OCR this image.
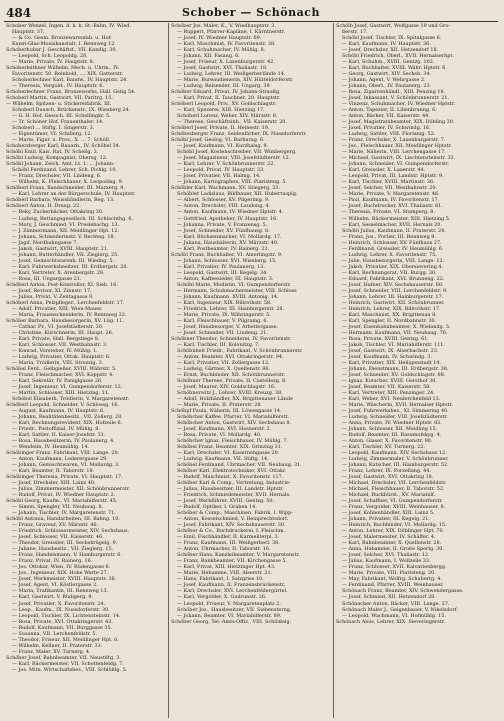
484	Schober — Schönach
Schober Wenzel, Ingen. d. k. k. St.-Bahn, IV. Wied.
Hauptstr. 37.
— & Co. Gesm. Bronzewarenfab. u. Hof-
Kunst-Glas-Mosaikanstalt, I. Rennweg 12.
Schoberhuber J. Geschäftsf., VII. Kandlg. 30.
— Leopold, Sch. Leopoldg. 28.
— Marie, Private, IV. Hauptstr. 8.
Schoberleithner Wilhelm, Mech. u. Uhrm., IV.
Favoritenstr. 50. Reinhold, ..., XIX. Gatterstr.
Schoberlechner Karl, Bandw., IV. Hauptstr. 24.
— Theresia, Vergold., IV. Hauptstr. 6.
Schoberlechner Franz, Bronzeworks, Hall. Gstig 54.
Schoberl Martin, Gastwirt, VII. Paritrg. 15.
— Wilhelm, Spitzen- u. Stickereifabrik, III.
Schoberl Dausch, Brückenstr., IX. Wiesberg 24.
— G. H. Hof, Gesuch. III. Schellingkr. 5.
— Tr. Schöner Hof. Frauenthaler. 14.
Schoberl ... Stiftg. I. Singerstr. 3.
— Eigentümer, VI. Schillerg. 12.
— Marie, Figur. u. Pros., X. ... 7. Schöll.
Schobersberger Karl, Bauarb., IV. Schöbel 34.
Schöbl Emil, Kais. Rat, IV. Schellg. 3.
Schöbl Ludwig, Kompagnist, Obersg. 12.
Schöbl Johann, Zeich. Amt. Lt. 1. ... Johann-
Schöbl Ferdinand, Lehrer, Sch. Pichlg. 10.
— Franz, Drechsler, VII. Lindeng. 6.
— Wilhelm, K. Fleischhauer, X. Leopoldsg. 9.
Schöberl Franz, Bandschneider, III. Marxerg. 9.
— Karl, Lehrer an der Bürgerschule, IV. Hauptstr.
Schöberl Barbara, Weisshändlerin, Reg. 13.
Schöberl Anton, II. Draug. 22.
— Beky, Zuckerbäcker, Ottakring 30.
— Ludwig, Rettungsgesellsch. III. Schlachthg. 6.
— Mory, J. Geschmied, VI. Preslebachg. 13.
— J. Zimmermann, XII. Meidlinger Hpt. 12.
— Johann, Schneidermstr. V. Rechteg. 18.
— Jagd, Nordbahngasse 7.
— Jakob, Gastwirt, XVIII. Hauptstr. 21.
— Johann, Butterhändler, VII. Zieglerg. 25.
— Josef, Gemischtwarenh. III. Wiedng. 5.
— Karl, Fuhrwerksbesitzer, III. Erdbergstr. 20.
— Karl, Vertreter, X. Arenbergstr. 29.
— Rosa, III. Ungargasse 21.
Schöberl Anton, Post-Kontrollor, XI. Sieb. 16.
— Josef, Revisor, XI. Zinnstr. 17.
— Julius, Privat, V. Zentagasse 9.
Schöberl Anna, Pelzpfleger., Lerchenfeldstr. 17.
— Adolf, Privatier, XIII. Wien-Mauer.
— Maria, Frauenschneiderin, IV. Rennweg 32.
Schöber Barbara, Hausbesorgerin, XV. Lüg. 11.
— Cathar. Pr., VI. Josefstädterstr. 30.
— Christine, Kürschnerin, III. Haupt. 26.
— Karl, Private, Hall. Bergstiege 8.
— Karl, Schlosser, VII. Westbahnstr. 3.
— Konrad, Vorsteher, IV. Mühlg. 1.
— Ludwig, Privatier, Ottak. Hauptstr. 6.
— Maria, Trödlerin, VIII. Strozzig. 3.
Schöbel Ferd., Gelbgießer, XVIII. Währstr. 5.
— Franz, Fleischmacher, XVI. Koppstr. 4.
— Karl, Sekretär, IV. Paniglgasse 26.
— Josef, Ingenieur, VI. Gumpendorferstr. 12.
— Martin, Schlosser, XIII. Hietzing. 11.
Schöbel Elisabeth, Trödlerin, V. Margaretenstr.
Schöberl Leopold, Schneider, V. Schlossg. 16.
— August, Kaufmann, IV. Hauptstr. 6.
— Johann, Realitätenbesitz., VII. Zollerg. 20.
— Karl, Rechnungsrevident, XIX. Hofzeile 6.
— Friedr., Postoffizial, IV. Mühlg. 8.
— Karl, Sattler, II. Kaiser-Josefstr. 31.
— Rosa, Hausbesitzerin, IV. Paulanerg. 4.
— Wendelin, IV. Heumühlg. 14.
Schöbinger Franz, Fabrikant, VIII. Lange. 20.
— Anton, Kaufmann, Lederergasse 29.
— Johann, Gemischtwaren, VI. Mollardg. 3.
— Karl, Beamter, II. Taborstr. 18.
Schöbinger Theresia, Private, VI. Hauptstr. 17.
— Josef, Drechsler, XIII. Lainz 40.
— Julius, Zimmermeister, XII. Schönbrunnerstr.
— Rudolf, Privat, IV. Wiedner Hauptstr. 2.
Schöbl Georg, Kaufm., VI. Mariahilferstr. 45.
— Simon, Spengler, VII. Neubaug. 8.
— Johann, Tischler, IV. Margaretenstr. 71.
Schöbl Antonia, Handarbeiten, III. Bahng. 10.
— Franz, Graveur, XV. Märzstr. 40.
— Friedrich, Schlossermeister, XIV. Sechshaus.
— Josef, Schlosser, VII. Kaiserstr. 46.
— Theodor, Greissler, III. Sechskrügelg. 9.
— Juliane, Hausbesitz., VII. Zieglerg. 15.
— Franz, Handelsmann, V. Hamburgerstr. 6.
— Franz, Privat, IV. Rainerg. 16.
— Jos. Ottokar, Wien, IV. Rüdengasse 6.
— Jos., Ingenieur, XIX. Hohe Warte 27.
— Josef, Werkmeister, XVIII. Hauptstr. 36.
— Josef, Agent, VI. Köstlergasse 2.
— Maria, Trafikantin, III. Rennweg 13.
— Karl, Gastwirt, V. Rüdigerg. 9.
— Josef, Privatier, X. Favoritenstr. 24.
— Leop., Kaufm., IX. Nussdorferstr. 30.
— Leopold, Tischler, IX. Lichtensteinstr. 14.
— Rosa, Private, XVI. Ottakringerstr. 43.
— Rudolf, Kaufmann, VII. Burggasse 35.
— Susanna, VII. Lerchenfeldstr. 5.
— Theodor, Friseur, XII. Meidlinger Hpt. 6.
— Wilhelm, Kellner, II. Praterstr. 33.
— Franz, Maler, XV. Turnerg. 4.
Schöber Josef, Bahnbeamter, VII. Neustiftg. 3.
— Karl, Bäckermeister, VII. Schottenfeldg. 7.
— Jos. Mitn. Wirtschaftsbes., VIII. Schlößlg. 5.
Schöber Jos. Maler, K., V. Wiedhauptstr. 3.
— Ruppert, Pfarrer-Kapläne, I. Kärntnerstr.
— Josef, IV. Wiedner Hauptstr. 69.
— Karl, Maschinist, IV. Favoritenstr. 38.
— Karl, Schuhmacher, IV. Mühlg. 8.
— Johann, XII. Fasang. 6.
— Josef, Friseur, X. Laxenburgerstr. 42.
— Josef, Gastwirt, XVI. Thaliastr. 18.
— Ludwig, Lehrer, III. Weißgerberlände 14.
— Marie, Bureaudienerin, XIV. Hütteldorferstr.
— Ludwig, Reisender, III. Ungarg. 39.
Schöber Eduard, Privat, IV. Johann-Straußg.
— Karl, Privat, II. Tauchner. 20. Hauptstr.
Schöberl Leopold, Priv., XV. Goldschlagstr.
— Karl, Spezerei, XIII. Hietzing 17.
Schöberl Lorenz, Weber, XIV. Märzstr. 8.
— Therese, Geschäftsinh., VII. Kaiserstr. 20.
Schöberl Josef, Private, II. Heinestr. 19.
Schöbesberger Franz, Seidenfärber, IX. Nussdorferstr.
Schöbl Josef, Geolog, VI. Barbarag. 6.
— Josef, Kaufmann, VI. Kurzhalsg. 9.
Schöbl Josef, Kostenschreiber, VII. Wimbergerg.
— Josef, Magazineur, VIII. Josefstädterstr. 12.
— Karl, Lehrer, V. Schönbrunnerstr. 22.
— Leopold, Privat, IV. Hauptstr. 33.
— Josef, Privatier, VII. Halmg. 14.
— Johann, Kartographen, VIII. Piaristeng. 5.
Schöbler Karl, Wachmann, XV. Stiegerg. 33.
Schöbler Ladislaus, Bildhauer, XII. Hubertusplg.
— Albert, Schlosser, XV. Pilgerimg. 9.
— Anton, Drechsler, VIII. Laudong. 4.
— Anton, Kaufmann, IV. Wiedner Hptstr. 4.
— Gottfried, Apotheker, IV. Hauptstr. 16.
— Johanna, Private, V. Franzensg. 5.
— Josef, Schneider, XV. Fünfhausg. 8.
— Karl, Büchsenmacher, VI. Mollardg. 17.
— Juliana, Haushälterin, XV. Märzstr. 40.
— Karl, Postbeamter, IV. Rainerg. 21.
Schöbl Franz, Buchhalter, VI. Amerlingstr. 9.
— Johann, Schlosser, XVI. Wiesberg. 15.
— Karl, Privatier, IV. Paulanerg. 13.
— Leopold, Gastwirt, III. Kegelg. 34.
— Anton, Kaffeesieder, III. Hauptstr. 3.
Schöbl Marie, Modistin, VI. Gumpendorferstr.
— Hermann, Schuhmachermeister, VIII. Schloss
— Johann, Kaufmann, XVIII. Antonig. 14.
— Karl, Ingenieur, XIX. Billrothstr. 58.
— Friedrich, Lehrer, III. Hainburgerstr. 28.
— Marie, Private, IX. Währingerstr. 5.
— Karl, Fleischhauer, V. Pilgramg. 6.
— Josef, Hausbesorger, V. Arbeitergasse.
— Josef, Schneider, VII. Lindeng. 21.
Schöbner Theodor, Schneiderei, IV. Favoritenstr.
— Karl, Tischler, III. Kolonitzg. 7.
Schöbnheit Friedr., Fabrikant, V. Schönbrunnerstr.
— Anton, Beamter, XVI. Ottakringerstr. 94.
— Karl, Privatier, VII. Zollergasse 12.
— Ludwig, Gärtner, X. Quellenstr. 86.
— Ernst, Buchbinder, XII. Schönbrunnerstr.
Schöbner Therese, Private, II. Castellezg. 8.
— Josef, Maurer, XIV. Goldschlagstr. 16.
Schöbnerwitz J., Lehrer, XVIII. Kreuzg. 38.
— Adolf, Holzhändler, XX. Brigittenauer Lände
— Marie, Private, II. Praterstr. 28.
Schöbpf Paula, Näherin, III. Löwengasse 14.
Schöbcher Kaffee. Pfarrer, VI. Mariahilferstr.
Schöbcher Anton, Gastwirt, XIV. Sechshaus 8.
— Josef, Kaufmann, XVI. Hasnerstr. 2.
— Rosa, Private, VI. Mollardg. 40.
Schöbcher Ignaz, Fleischhauer, IV. Mühlg. 7.
Schöbel Franz, Beamter, XIX. Grinzing 31.
— Karl, Drechsler, VI. Kasernengasse 20.
— Ludwig, Kaufmann, VII. Stiftg. 14.
Schöbel Ferdinand, Uhrmacher, VII. Neubaug. 31.
Schöber Karl, Elektrotechniker, XVI. Ottakr.
— Rudolf, Maschinist, X. Favoritenstr. 117.
Schöber Karl & Comp., Vertretung, Industrie-
— Julius, Hausbesitzer, III. Landstr. Hptstr.
— Friedrich, Schmiedemeister, XVII. Hernals.
— Josef, Werkführer, XVIII. Gentzg. 50.
— Rudolf, Optiker, I. Graben 14.
Schöber & Comp., Maschinen. Fabrik, I. Wipp-
— Anton, Kesselschmied, V. Reinprechtsdorf.
— Josef, Fabrikant, XIV. Sechshauserstr. 30.
Schöber & Co., Buchdruckerei, I. Fleischm.
— Emil, Fischhändler, II. Karmeliterpl. 3.
— Franz, Kaufmann, III. Weißgerberl. 38.
— Anton, Uhrmacher, II. Taborstr. 16.
Schöber Hans, Kanzleibeamter, V. Margaretenstr.
— Franz, Bankbeamter, VII. Kirchengasse 5.
— Karl, Privat, XIII. Hietzinger Hpt. 43.
— Marie, Hebamme, VIII. Alserstr. 21.
— Hans, Fabrikant, I. Salzgries 10.
— Josef, Kaufmann, II. Franzensbrückenstr.
— Karl, Drechsler, XVI. Lerchenfeldergürtel.
— Karl, Vergolder, X. Gudrunstr. 26.
— Leopold, Friseur, V. Margaretenplatz 2.
Schöber Jos., Hausbesitzer, VII. Siebensterng.
— Johann, Beamter, VI. Mariahilferstr. 89.
Schöber Georg, Tel.-Amts-Offiz., VIII. Schlößelg.
Schölb Josef, Gastwirt, Wolfgasse 19 und Gro-
ßerstr. 17.
Schöbl Josef, Tischler, IX. Spitalgasse 6.
— Karl, Kaufmann, IV. Hauptstr. 36.
— Josef, Drechsler, XII. Hetzendorf 18.
Schöbl Friedrich, Oberl., XVII. Hernalserhpt.
— Karl, Schuhm., XVIII. Gentzg. 102.
— Karl, Buchhalter, XVIII. Währ. Hptstr. 6.
— Georg, Gastwirt, XIV. Sechsh. 34.
— Johann, Agent, V. Wehrgasse 2.
— Johann, Oberl., IV. Paulanerg. 23.
— Rosa, Zigarrenhändl., XIII. Penzing 18.
— Josef, Inkassant, V. Schönbrunnerstr. 21.
— Vinzenz, Schuhmacher, IV. Wiedner Hptstr.
— Anton, Tapezier, II. Lilienbrunng. 6.
— Anton, Bäcker, VII. Kaiserstr. 44.
— Josef, Magistratsbeamter, XIX. Döbling 30.
— Josef, Privatier, IV. Schwindg. 16.
— Ludwig, Sattler, VIII. Florianig. 52.
— Franz, Drechsler, X. Laxenburgerstr. 7.
— Jos., Fleischhauer, XII. Meidlinger Hptstr.
— Marie, Näherin, VIII. Lerchengasse 17.
— Michael, Gastwirt, IX. Liechtensteinstr. 32.
— Johann, Schneider, VI. Gumpendorferstr.
— Karl, Greissler, X. Laaerstr. 44.
— Leopold, Privat, III. Landstr. Hptstr. 9.
— Karl, Tischler, XVIII. Martinstr. 36.
— Josef, Selcher, VII. Westbahnstr. 20.
— Marie, Private, V. Margaretenstr. 46.
— Paul, Kaufmann, IV. Favoritenstr. 17.
— Josef, Buchdrucker, XVI. Thaliastr. 61.
— Theresia, Private, VI. Stumperg. 8.
— Wilhelm, Bäckermeister, XIII. Hietzing 5.
— Karl, Sesselmacher, XVII. Hernals 20.
Schöbl Julius, Kaufmann, II. Praterstr. 24.
— Franz, Jos., Portier, III. Rennweg 9.
— Heinrich, Schlosser, XV. Fünfhaus 27.
— Ferdinand, Greissler, IV. Heumühlg. 6.
— Ludwig, Lehrer, X. Favoritenstr. 75.
— Julie, Hausbesorgerin, VIII. Lange. 12.
— Jakob, Privatier, XIX. Obersievering 4.
— Karl, Rechnungsrat, VII. Burgg. 30.
— Eduard, Fabrikant, XVI. Brunneng. 22.
— Josef, Hafner, XIV. Sechshauserstr. 60.
— Josef, Schneider, VIII. Lerchenfeldstr. 9.
— Johann, Lehrer, III. Hainburgerstr. 17.
— Heinrich, Gastwirt, XII. Schönbrunner.
— Heinrich, Lehrer, XIX. Billrothstr. 17.
— Karl, Maschinist, XX. Brigittenau 8.
— Karl, Spengler, II. Nordbahnstr. 30.
— Josef, Eisenbahnbeamter, X. Wielandg. 5.
— Hermann, Kaufmann, VII. Neubaug. 76.
— Rosa, Private, XVIII. Gentzg. 61.
— Jakob, Tischler, VI. Mariahilferstr. 111.
— Josef, Gastwirt, IX. Alserbachstr. 23.
— Josef, Kaufmann, IV. Schwindg. 3.
— Karl, Privatier, XIX. Heiligenstadt 14.
— Johann, Dienstmann, III. Erdbergstr. 38.
— Josef, Schneider, XV. Goldschlagstr. 88.
— Ignaz, Kutscher, XVIII. Gersthof 30.
— Josef, Beamter, VII. Kaiserstr. 58.
— Karl, Vertreter, XIII. Penzinger. 24.
— Karl, Weber, XVI. Neulerchenfeld 13.
— Marie, Wäscherin, XVII. Hernalser Hptstr.
— Josef, Fuhrwerksbes., XI. Simmering 40.
— Ludwig, Schneider, VIII. Josefstädterstr.
— Anna, Private, IV. Wiedner Hptstr. 83.
— Johann, Schlosser, XII. Meidling 15.
— Rudolf, Beamter, III. Rasumofskyg. 4.
— Anton, Glaser, X. Favoritenstr. 90.
— Karl, Tischler, XV. Turnerg. 22.
— Leopold, Kaufmann, XIV. Sechshaus 12.
— Ludwig, Zimmermaler, V. Schönbrunner.
— Johann, Kutscher, III. Hainburgerstr. 52.
— Franz, Lehrer, IX. Porzellang. 44.
— Josef, Gastwirt, XVI. Ottakring 18.
— Michael, Drechsler, VII. Lerchenfeldstr.
— Michael, Fleischhauer, II. Taborstr. 52.
— Michael, Ruckbürst., XV. Mariahilf.
— Josef, Schaffner, VI. Gumpendorferstr.
— Franz, Vergolder, XVIII. Weinhauser. 8.
— Josef, Kohlenhändler, XIII. Lainz 5.
— Johann, Privatier, III. Kegelg. 21.
— Heinrich, Buchbinder, VI. Mollardg. 15.
— Anton, Lehrer, XIX. Döblinger Hpt. 70.
— Josef, Malermeister, IV. Schäffer. 4.
— Karl, Bahnbeamter, X. Quellenstr. 28.
— Anna, Hebamme, II. Große Sperlg. 30.
— Josef, Selcher, XVI. Thaliastr. 12.
— Julius, Kaufmann, I. Wollzeile 33.
— Franz, Schlosser, XVII. Kalvarienbergg.
— Marie, Private, VIII. Piaristeng. 20.
— May, Fabrikant, Wolfrg. Schubertg. 4.
— Ferdinand, Pfarrer, XVIII. Weinhauser.
Schönach Franz, Beamter, XIV. Schwendergasse.
— Josef, Schmied, XII. Hetzendorf 28.
Schönacher Anton, Bäcker, VIII. Lange. 27.
Schönach Maler J., Geigenbauer, V. Nikolsdorf.
— Leopold, Wachmann, VI. Hofmühlg. 15.
Schönach Alois, Lehrer, XIX. Sieveringerstr.
